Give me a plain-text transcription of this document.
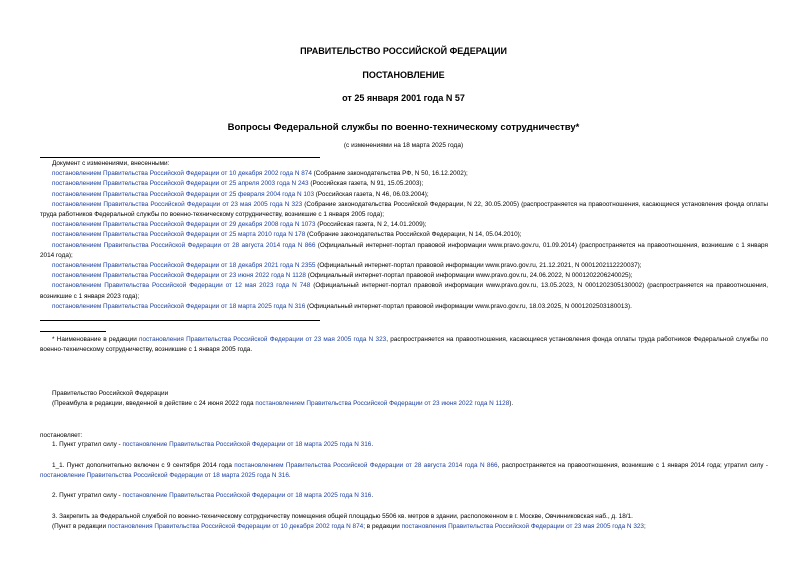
ПРАВИТЕЛЬСТВО РОССИЙСКОЙ ФЕДЕРАЦИИ
ПОСТАНОВЛЕНИЕ
от 25 января 2001 года N 57
Вопросы Федеральной службы по военно-техническому сотрудничеству*
(с изменениями на 18 марта 2025 года)

Документ с изменениями, внесенными:

постановлением Правительства Российской Федерации от 10 декабря 2002 года N 874 (Собрание законодательства РФ, N 50, 16.12.2002);

постановлением Правительства Российской Федерации от 25 апреля 2003 года N 243 (Российская газета, N 91, 15.05.2003);

постановлением Правительства Российской Федерации от 25 февраля 2004 года N 103 (Российская газета, N 46, 06.03.2004);

постановлением Правительства Российской Федерации от 23 мая 2005 года N 323 (Собрание законодательства Российской Федерации, N 22, 30.05.2005) (распространяется на правоотношения, касающиеся установления фонда оплаты труда работников Федеральной службы по военно-техническому сотрудничеству, возникшие с 1 января 2005 года);

постановлением Правительства Российской Федерации от 29 декабря 2008 года N 1073 (Российская газета, N 2, 14.01.2009);

постановлением Правительства Российской Федерации от 25 марта 2010 года N 178 (Собрание законодательства Российской Федерации, N 14, 05.04.2010);

постановлением Правительства Российской Федерации от 28 августа 2014 года N 866 (Официальный интернет-портал правовой информации www.pravo.gov.ru, 01.09.2014) (распространяется на правоотношения, возникшие с 1 января 2014 года);

постановлением Правительства Российской Федерации от 18 декабря 2021 года N 2355 (Официальный интернет-портал правовой информации www.pravo.gov.ru, 21.12.2021, N 0001202112220037);

постановлением Правительства Российской Федерации от 23 июня 2022 года N 1128 (Официальный интернет-портал правовой информации www.pravo.gov.ru, 24.06.2022, N 0001202206240025);

постановлением Правительства Российской Федерации от 12 мая 2023 года N 748 (Официальный интернет-портал правовой информации www.pravo.gov.ru, 13.05.2023, N 0001202305130002) (распространяется на правоотношения, возникшие с 1 января 2023 года);

постановлением Правительства Российской Федерации от 18 марта 2025 года N 316 (Официальный интернет-портал правовой информации www.pravo.gov.ru, 18.03.2025, N 0001202503180013).

* Наименование в редакции постановления Правительства Российской Федерации от 23 мая 2005 года N 323, распространяется на правоотношения, касающиеся установления фонда оплаты труда работников Федеральной службы по военно-техническому сотрудничеству, возникшие с 1 января 2005 года.

Правительство Российской Федерации

(Преамбула в редакции, введенной в действие с 24 июня 2022 года постановлением Правительства Российской Федерации от 23 июня 2022 года N 1128).

постановляет:
1. Пункт утратил силу - постановление Правительства Российской Федерации от 18 марта 2025 года N 316.
1_1. Пункт дополнительно включен с 9 сентября 2014 года постановлением Правительства Российской Федерации от 28 августа 2014 года N 866, распространяется на правоотношения, возникшие с 1 января 2014 года; утратил силу - постановление Правительства Российской Федерации от 18 марта 2025 года N 316.
2. Пункт утратил силу - постановление Правительства Российской Федерации от 18 марта 2025 года N 316.
3. Закрепить за Федеральной службой по военно-техническому сотрудничеству помещения общей площадью 5506 кв. метров в здании, расположенном в г. Москве, Овчинниковская наб., д. 18/1.
(Пункт в редакции постановления Правительства Российской Федерации от 10 декабря 2002 года N 874; в редакции постановления Правительства Российской Федерации от 23 мая 2005 года N 323;
